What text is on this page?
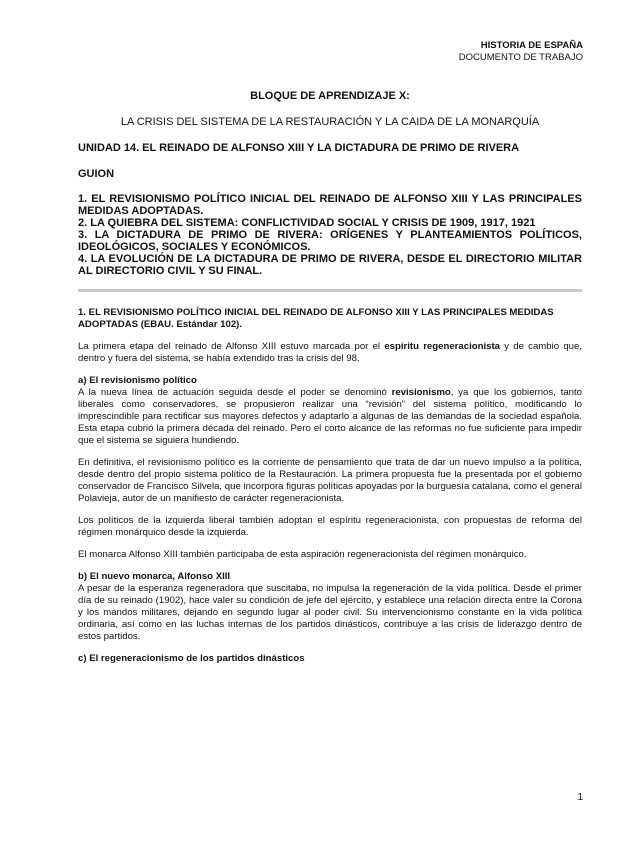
HISTORIA DE ESPAÑA
DOCUMENTO DE TRABAJO
BLOQUE DE APRENDIZAJE X:
LA CRISIS DEL SISTEMA DE LA RESTAURACIÓN Y LA CAIDA DE LA MONARQUÍA
UNIDAD 14. EL REINADO DE ALFONSO XIII Y LA DICTADURA DE PRIMO DE RIVERA
GUION
1. EL REVISIONISMO POLÍTICO INICIAL DEL REINADO DE ALFONSO XIII Y LAS PRINCIPALES MEDIDAS ADOPTADAS.
2. LA QUIEBRA DEL SISTEMA: CONFLICTIVIDAD SOCIAL Y CRISIS DE 1909, 1917, 1921
3. LA DICTADURA DE PRIMO DE RIVERA: ORÍGENES Y PLANTEAMIENTOS POLÍTICOS, IDEOLÓGICOS, SOCIALES Y ECONÓMICOS.
4. LA EVOLUCIÓN DE LA DICTADURA DE PRIMO DE RIVERA, DESDE EL DIRECTORIO MILITAR AL DIRECTORIO CIVIL Y SU FINAL.
1. EL REVISIONISMO POLÍTICO INICIAL DEL REINADO DE ALFONSO XIII Y LAS PRINCIPALES MEDIDAS ADOPTADAS (EBAU. Estándar 102).

La primera etapa del reinado de Alfonso XIII estuvo marcada por el espíritu regeneracionista y de cambio que, dentro y fuera del sistema, se había extendido tras la crisis del 98.

a) El revisionismo político

A la nueva línea de actuación seguida desde el poder se denominó revisionismo, ya que los gobiernos, tanto liberales como conservadores, se propusieron realizar una “revisión” del sistema político, modificando lo imprescindible para rectificar sus mayores defectos y adaptarlo a algunas de las demandas de la sociedad española. Esta etapa cubrió la primera década del reinado. Pero el corto alcance de las reformas no fue suficiente para impedir que el sistema se siguiera hundiendo.

En definitiva, el revisionismo político es la corriente de pensamiento que trata de dar un nuevo impulso a la política, desde dentro del propio sistema político de la Restauración. La primera propuesta fue la presentada por el gobierno conservador de Francisco Silvela, que incorpora figuras políticas apoyadas por la burguesía catalana, como el general Polavieja, autor de un manifiesto de carácter regeneracionista.

Los políticos de la izquierda liberal también adoptan el espíritu regeneracionista, con propuestas de reforma del régimen monárquico desde la izquierda.

El monarca Alfonso XIII también participaba de esta aspiración regeneracionista del régimen monárquico.

b) El nuevo monarca, Alfonso XIII

A pesar de la esperanza regeneradora que suscitaba, no impulsa la regeneración de la vida política. Desde el primer día de su reinado (1902), hace valer su condición de jefe del ejército, y establece una relación directa entre la Corona y los mandos militares, dejando en segundo lugar al poder civil. Su intervencionismo constante en la vida política ordinaria, así como en las luchas internas de los partidos dinásticos, contribuye a las crisis de liderazgo dentro de estos partidos.

c) El regeneracionismo de los partidos dinásticos
1
